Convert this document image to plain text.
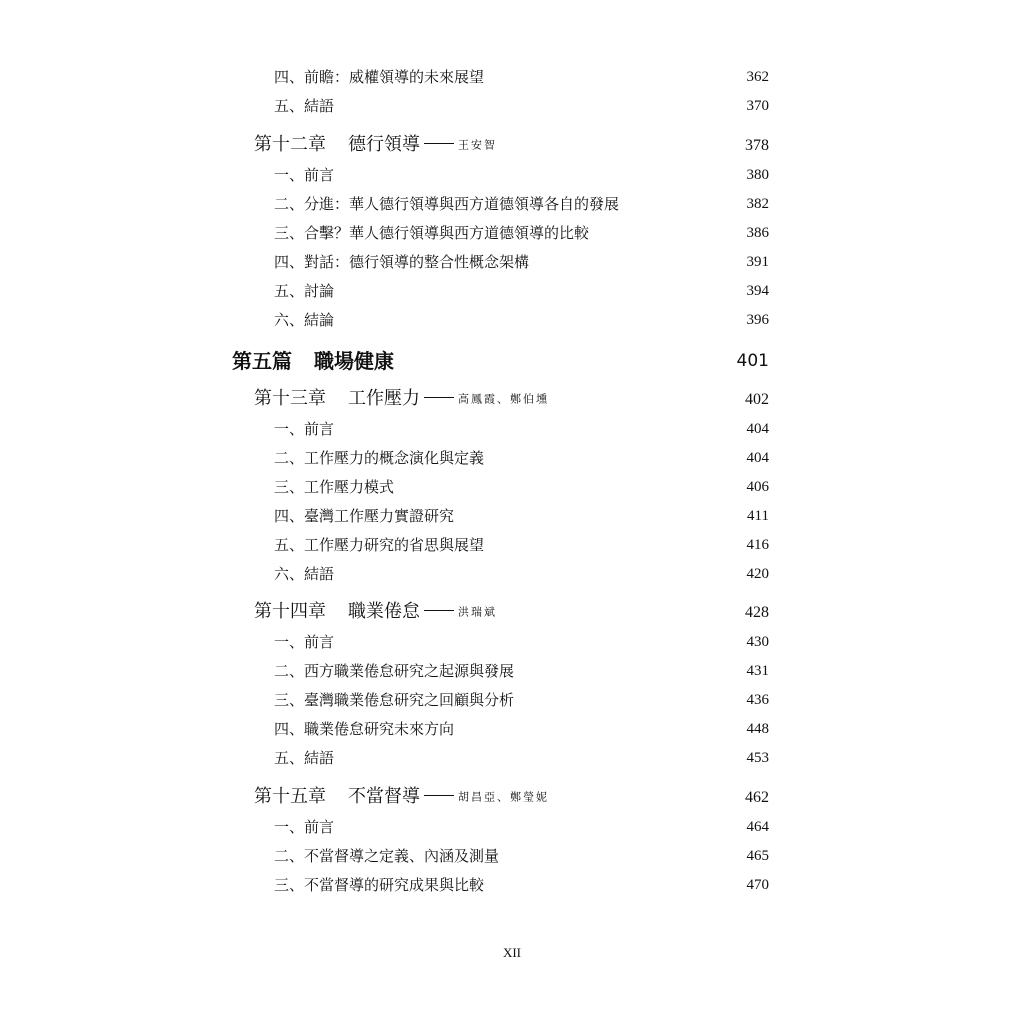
四、前瞻：威權領導的未來展望	362
五、結語	370
第十二章 德行領導	王安智	378
一、前言	380
二、分進：華人德行領導與西方道德領導各自的發展	382
三、合擊？華人德行領導與西方道德領導的比較	386
四、對話：德行領導的整合性概念架構	391
五、討論	394
六、結論	396
第五篇 職場健康	401
第十三章 工作壓力	高鳳霞、鄭伯壎	402
一、前言	404
二、工作壓力的概念演化與定義	404
三、工作壓力模式	406
四、臺灣工作壓力實證研究	411
五、工作壓力研究的省思與展望	416
六、結語	420
第十四章 職業倦怠	洪瑞斌	428
一、前言	430
二、西方職業倦怠研究之起源與發展	431
三、臺灣職業倦怠研究之回顧與分析	436
四、職業倦怠研究未來方向	448
五、結語	453
第十五章 不當督導	胡昌亞、鄭瑩妮	462
一、前言	464
二、不當督導之定義、內涵及測量	465
三、不當督導的研究成果與比較	470
XII
